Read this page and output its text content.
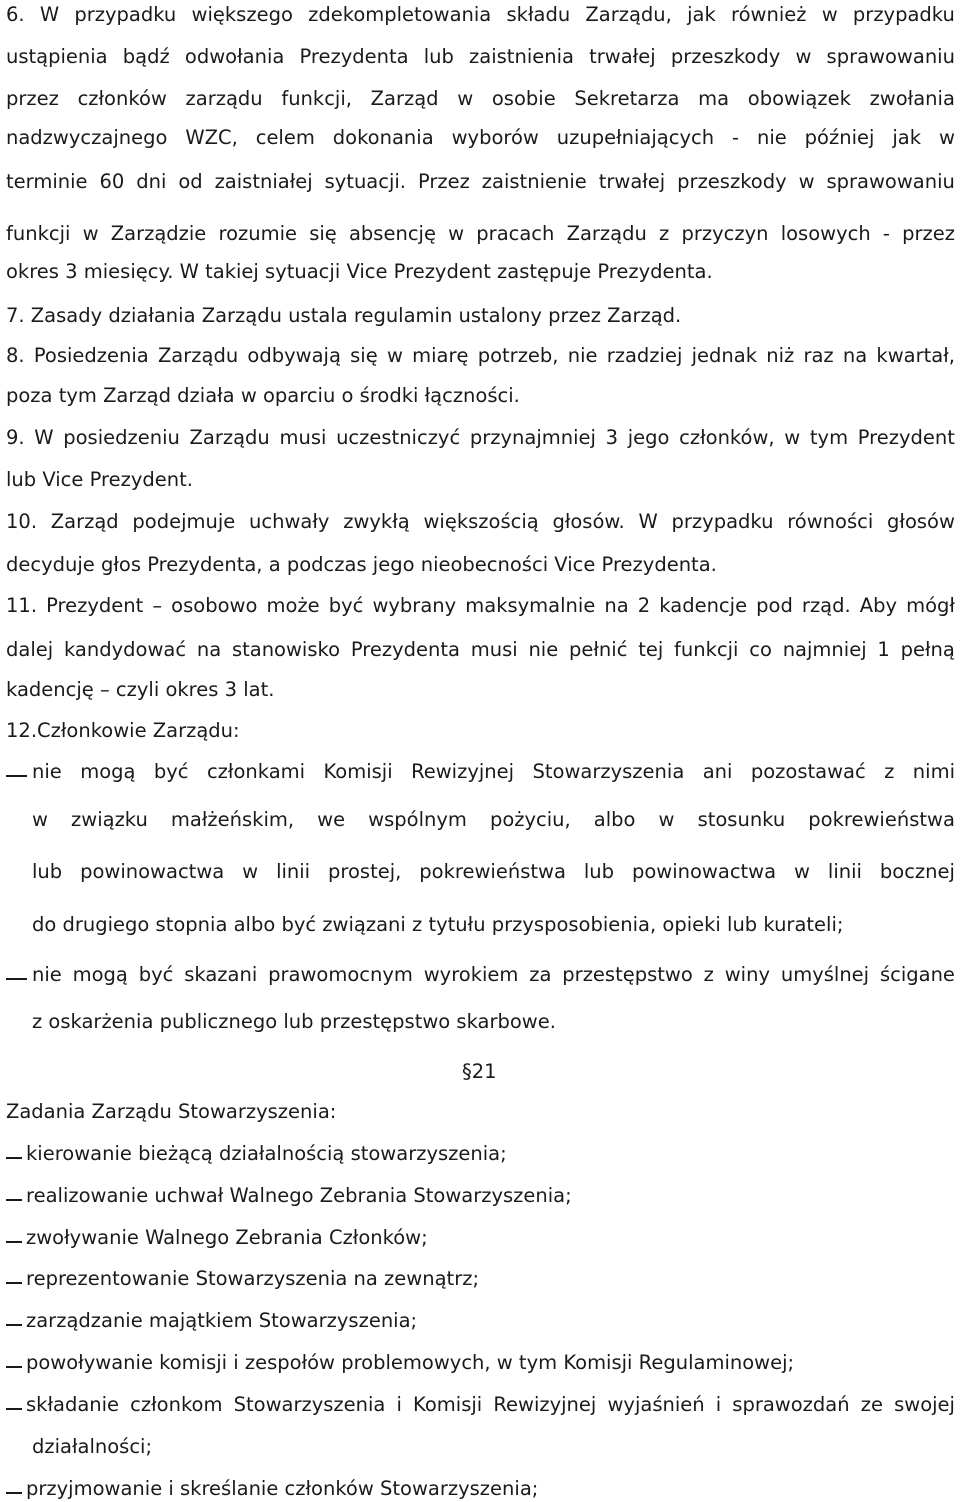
6. W przypadku większego zdekompletowania składu Zarządu, jak również w przypadku
ustąpienia bądź odwołania Prezydenta lub zaistnienia trwałej przeszkody w sprawowaniu
przez członków zarządu funkcji, Zarząd w osobie Sekretarza ma obowiązek zwołania
nadzwyczajnego WZC, celem dokonania wyborów uzupełniających - nie później jak w
terminie 60 dni od zaistniałej sytuacji. Przez zaistnienie trwałej przeszkody w sprawowaniu
funkcji w Zarządzie rozumie się absencję w pracach Zarządu z przyczyn losowych - przez
okres 3 miesięcy. W takiej sytuacji Vice Prezydent zastępuje Prezydenta.
7. Zasady działania Zarządu ustala regulamin ustalony przez Zarząd.
8. Posiedzenia Zarządu odbywają się w miarę potrzeb, nie rzadziej jednak niż raz na kwartał,
poza tym Zarząd działa w oparciu o środki łączności.
9. W posiedzeniu Zarządu musi uczestniczyć przynajmniej 3 jego członków, w tym Prezydent
lub Vice Prezydent.
10. Zarząd podejmuje uchwały zwykłą większością głosów. W przypadku równości głosów
decyduje głos Prezydenta, a podczas jego nieobecności Vice Prezydenta.
11. Prezydent – osobowo może być wybrany maksymalnie na 2 kadencje pod rząd. Aby mógł
dalej kandydować na stanowisko Prezydenta musi nie pełnić tej funkcji co najmniej 1 pełną
kadencję – czyli okres 3 lat.
12.Członkowie Zarządu:
nie mogą być członkami Komisji Rewizyjnej Stowarzyszenia ani pozostawać z nimi
w związku małżeńskim, we wspólnym pożyciu, albo w stosunku pokrewieństwa
lub powinowactwa w linii prostej, pokrewieństwa lub powinowactwa w linii bocznej
do drugiego stopnia albo być związani z tytułu przysposobienia, opieki lub kurateli;
nie mogą być skazani prawomocnym wyrokiem za przestępstwo z winy umyślnej ścigane
z oskarżenia publicznego lub przestępstwo skarbowe.
§21
Zadania Zarządu Stowarzyszenia:
kierowanie bieżącą działalnością stowarzyszenia;
realizowanie uchwał Walnego Zebrania Stowarzyszenia;
zwoływanie Walnego Zebrania Członków;
reprezentowanie Stowarzyszenia na zewnątrz;
zarządzanie majątkiem Stowarzyszenia;
powoływanie komisji i zespołów problemowych, w tym Komisji Regulaminowej;
składanie członkom Stowarzyszenia i Komisji Rewizyjnej wyjaśnień i sprawozdań ze swojej
działalności;
przyjmowanie i skreślanie członków Stowarzyszenia;
